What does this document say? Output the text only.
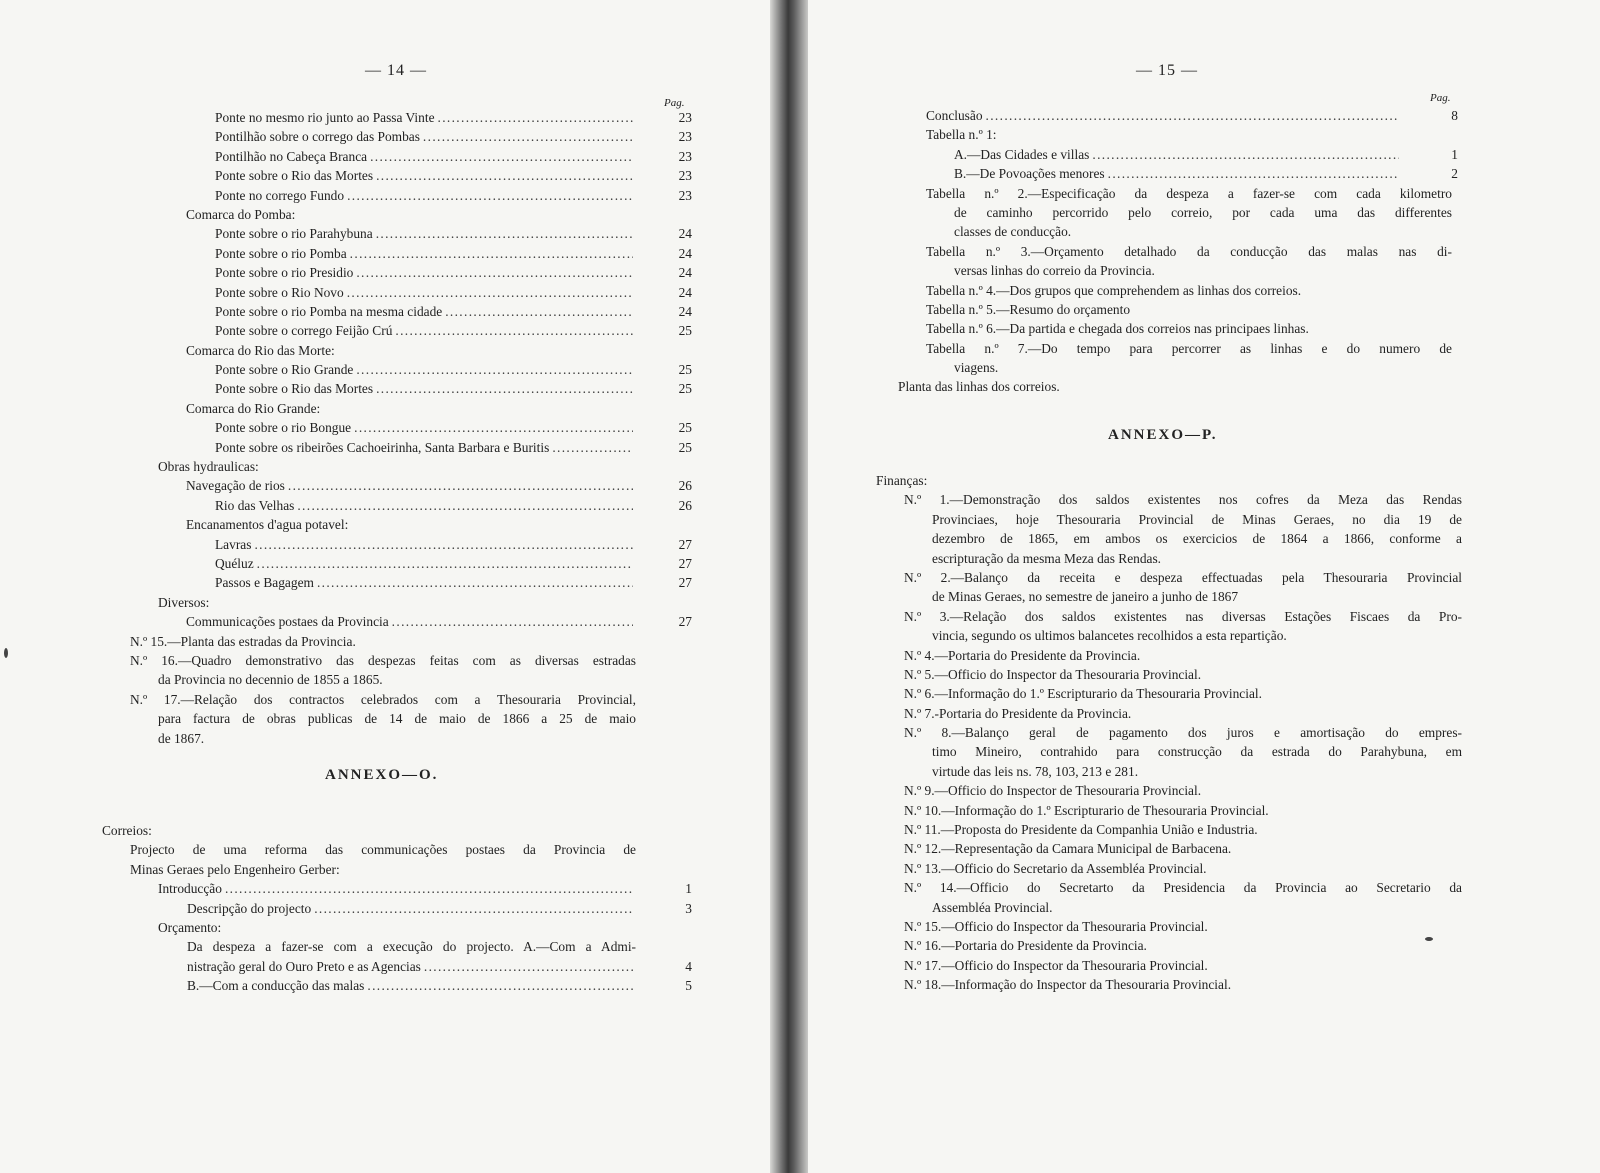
— 14 —
Pag.
Ponte no mesmo rio junto ao Passa Vinte . . .	23
Pontilhão sobre o corrego das Pombas . . .	23
Pontilhão no Cabeça Branca . . .	23
Ponte sobre o Rio das Mortes . . .	23
Ponte no corrego Fundo . . .	23
Comarca do Pomba:
Ponte sobre o rio Parahybuna . . .	24
Ponte sobre o rio Pomba . . .	24
Ponte sobre o rio Presidio . . .	24
Ponte sobre o Rio Novo . . .	24
Ponte sobre o rio Pomba na mesma cidade . . .	24
Ponte sobre o corrego Feijão Crú . . .	25
Comarca do Rio das Morte:
Ponte sobre o Rio Grande . . .	25
Ponte sobre o Rio das Mortes . . .	25
Comarca do Rio Grande:
Ponte sobre o rio Bongue . . .	25
Ponte sobre os ribeirões Cachoeirinha, Santa Barbara e Buritis . . .	25
Obras hydraulicas:
Navegação de rios . . .	26
Rio das Velhas . . .	26
Encanamentos d'agua potavel:
Lavras . . .	27
Quéluz . . .	27
Passos e Bagagem . . .	27
Diversos:
Communicações postaes da Provincia . . .	27
N.º 15.—Planta das estradas da Provincia.
N.º 16.—Quadro demonstrativo das despezas feitas com as diversas estradas
da Provincia no decennio de 1855 a 1865.
N.º 17.—Relação dos contractos celebrados com a Thesouraria Provincial,
para factura de obras publicas de 14 de maio de 1866 a 25 de maio
de 1867.
ANNEXO—O.
Correios:
Projecto de uma reforma das communicações postaes da Provincia de
Minas Geraes pelo Engenheiro Gerber:
Introducção . . .	1
Descripção do projecto . . .	3
Orçamento:
Da despeza a fazer-se com a execução do projecto. A.—Com a Admi-
nistração geral do Ouro Preto e as Agencias . . .	4
B.—Com a conducção das malas . . .	5
— 15 —
Pag.
Conclusão . . .	8
Tabella n.º 1:
A.—Das Cidades e villas . . .	1
B.—De Povoações menores . . .	2
Tabella n.º 2.—Especificação da despeza a fazer-se com cada kilometro
de caminho percorrido pelo correio, por cada uma das differentes
classes de conducção.
Tabella n.º 3.—Orçamento detalhado da conducção das malas nas di-
versas linhas do correio da Provincia.
Tabella n.º 4.—Dos grupos que comprehendem as linhas dos correios.
Tabella n.º 5.—Resumo do orçamento
Tabella n.º 6.—Da partida e chegada dos correios nas principaes linhas.
Tabella n.º 7.—Do tempo para percorrer as linhas e do numero de
viagens.
Planta das linhas dos correios.
ANNEXO—P.
Finanças:
N.º 1.—Demonstração dos saldos existentes nos cofres da Meza das Rendas
Provinciaes, hoje Thesouraria Provincial de Minas Geraes, no dia 19 de
dezembro de 1865, em ambos os exercicios de 1864 a 1866, conforme a
escripturação da mesma Meza das Rendas.
N.º 2.—Balanço da receita e despeza effectuadas pela Thesouraria Provincial
de Minas Geraes, no semestre de janeiro a junho de 1867
N.º 3.—Relação dos saldos existentes nas diversas Estações Fiscaes da Pro-
vincia, segundo os ultimos balancetes recolhidos a esta repartição.
N.º 4.—Portaria do Presidente da Provincia.
N.º 5.—Officio do Inspector da Thesouraria Provincial.
N.º 6.—Informação do 1.º Escripturario da Thesouraria Provincial.
N.º 7.-Portaria do Presidente da Provincia.
N.º 8.—Balanço geral de pagamento dos juros e amortisação do empres-
timo Mineiro, contrahido para construcção da estrada do Parahybuna, em
virtude das leis ns. 78, 103, 213 e 281.
N.º 9.—Officio do Inspector de Thesouraria Provincial.
N.º 10.—Informação do 1.º Escripturario de Thesouraria Provincial.
N.º 11.—Proposta do Presidente da Companhia União e Industria.
N.º 12.—Representação da Camara Municipal de Barbacena.
N.º 13.—Officio do Secretario da Assembléa Provincial.
N.º 14.—Officio do Secretarto da Presidencia da Provincia ao Secretario da
Assembléa Provincial.
N.º 15.—Officio do Inspector da Thesouraria Provincial.
N.º 16.—Portaria do Presidente da Provincia.
N.º 17.—Officio do Inspector da Thesouraria Provincial.
N.º 18.—Informação do Inspector da Thesouraria Provincial.
